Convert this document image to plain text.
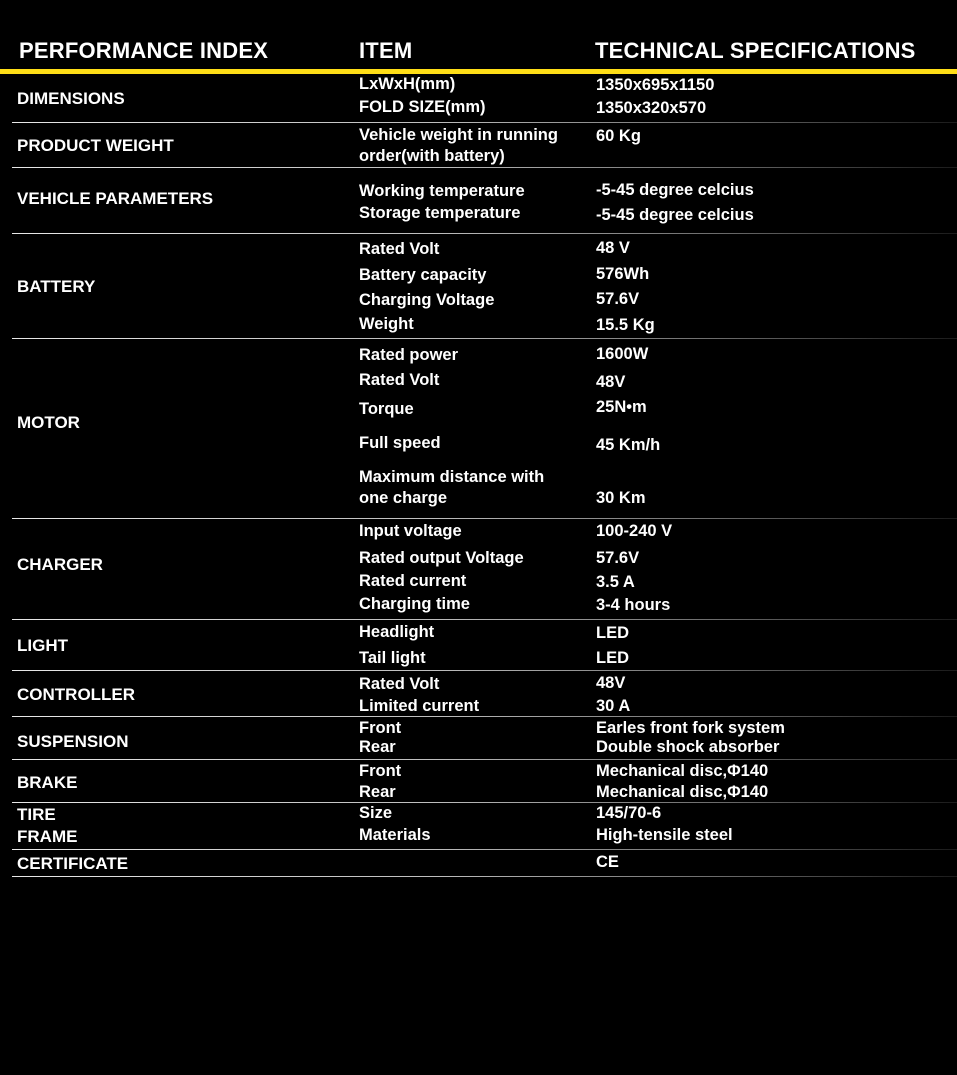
PERFORMANCE INDEX	ITEM	TECHNICAL SPECIFICATIONS
DIMENSIONS
LxWxH(mm)	1350x695x1150
FOLD SIZE(mm)	1350x320x570
PRODUCT WEIGHT
Vehicle weight in running
order(with battery)
60 Kg
VEHICLE PARAMETERS	Working temperature	-5-45 degree celcius
Storage temperature	-5-45 degree celcius
BATTERY
Rated Volt	48 V
Battery capacity	576Wh
Charging Voltage	57.6V
Weight	15.5 Kg
MOTOR
Rated power	1600W
Rated Volt	48V
Torque	25N•m
Full speed	45 Km/h
Maximum distance with
one charge	30 Km
CHARGER
Input voltage	100-240 V
Rated output Voltage	57.6V
Rated current	3.5 A
Charging time	3-4 hours
LIGHT
Headlight	LED
Tail light	LED
CONTROLLER
Rated Volt	48V
Limited current	30 A
SUSPENSION
Front	Earles front fork system
Rear	Double shock absorber
BRAKE
Front	Mechanical disc,Φ140
Rear	Mechanical disc,Φ140
TIRE	Size	145/70-6
FRAME	Materials	High-tensile steel
CERTIFICATE	CE
